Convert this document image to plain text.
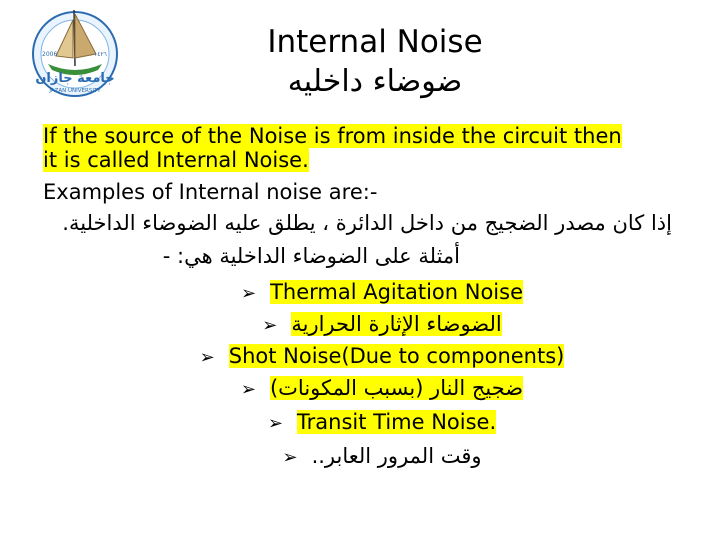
جامعة جازان
JAZAN UNIVERSITY
2006	١٤٢٦	Internal Noise
ضوضاء داخليه
If the source of the Noise is from inside the circuit then
it is called Internal Noise.
Examples of Internal noise are:-
إذا كان مصدر الضجيج من داخل الدائرة ، يطلق عليه الضوضاء الداخلية.
أمثلة على الضوضاء الداخلية هي: -
➢ Thermal Agitation Noise
➢ الضوضاء الإثارة الحرارية
➢ Shot Noise(Due to components)
➢ ضجيج النار (بسبب المكونات)
➢ Transit Time Noise.
➢ وقت المرور العابر..
